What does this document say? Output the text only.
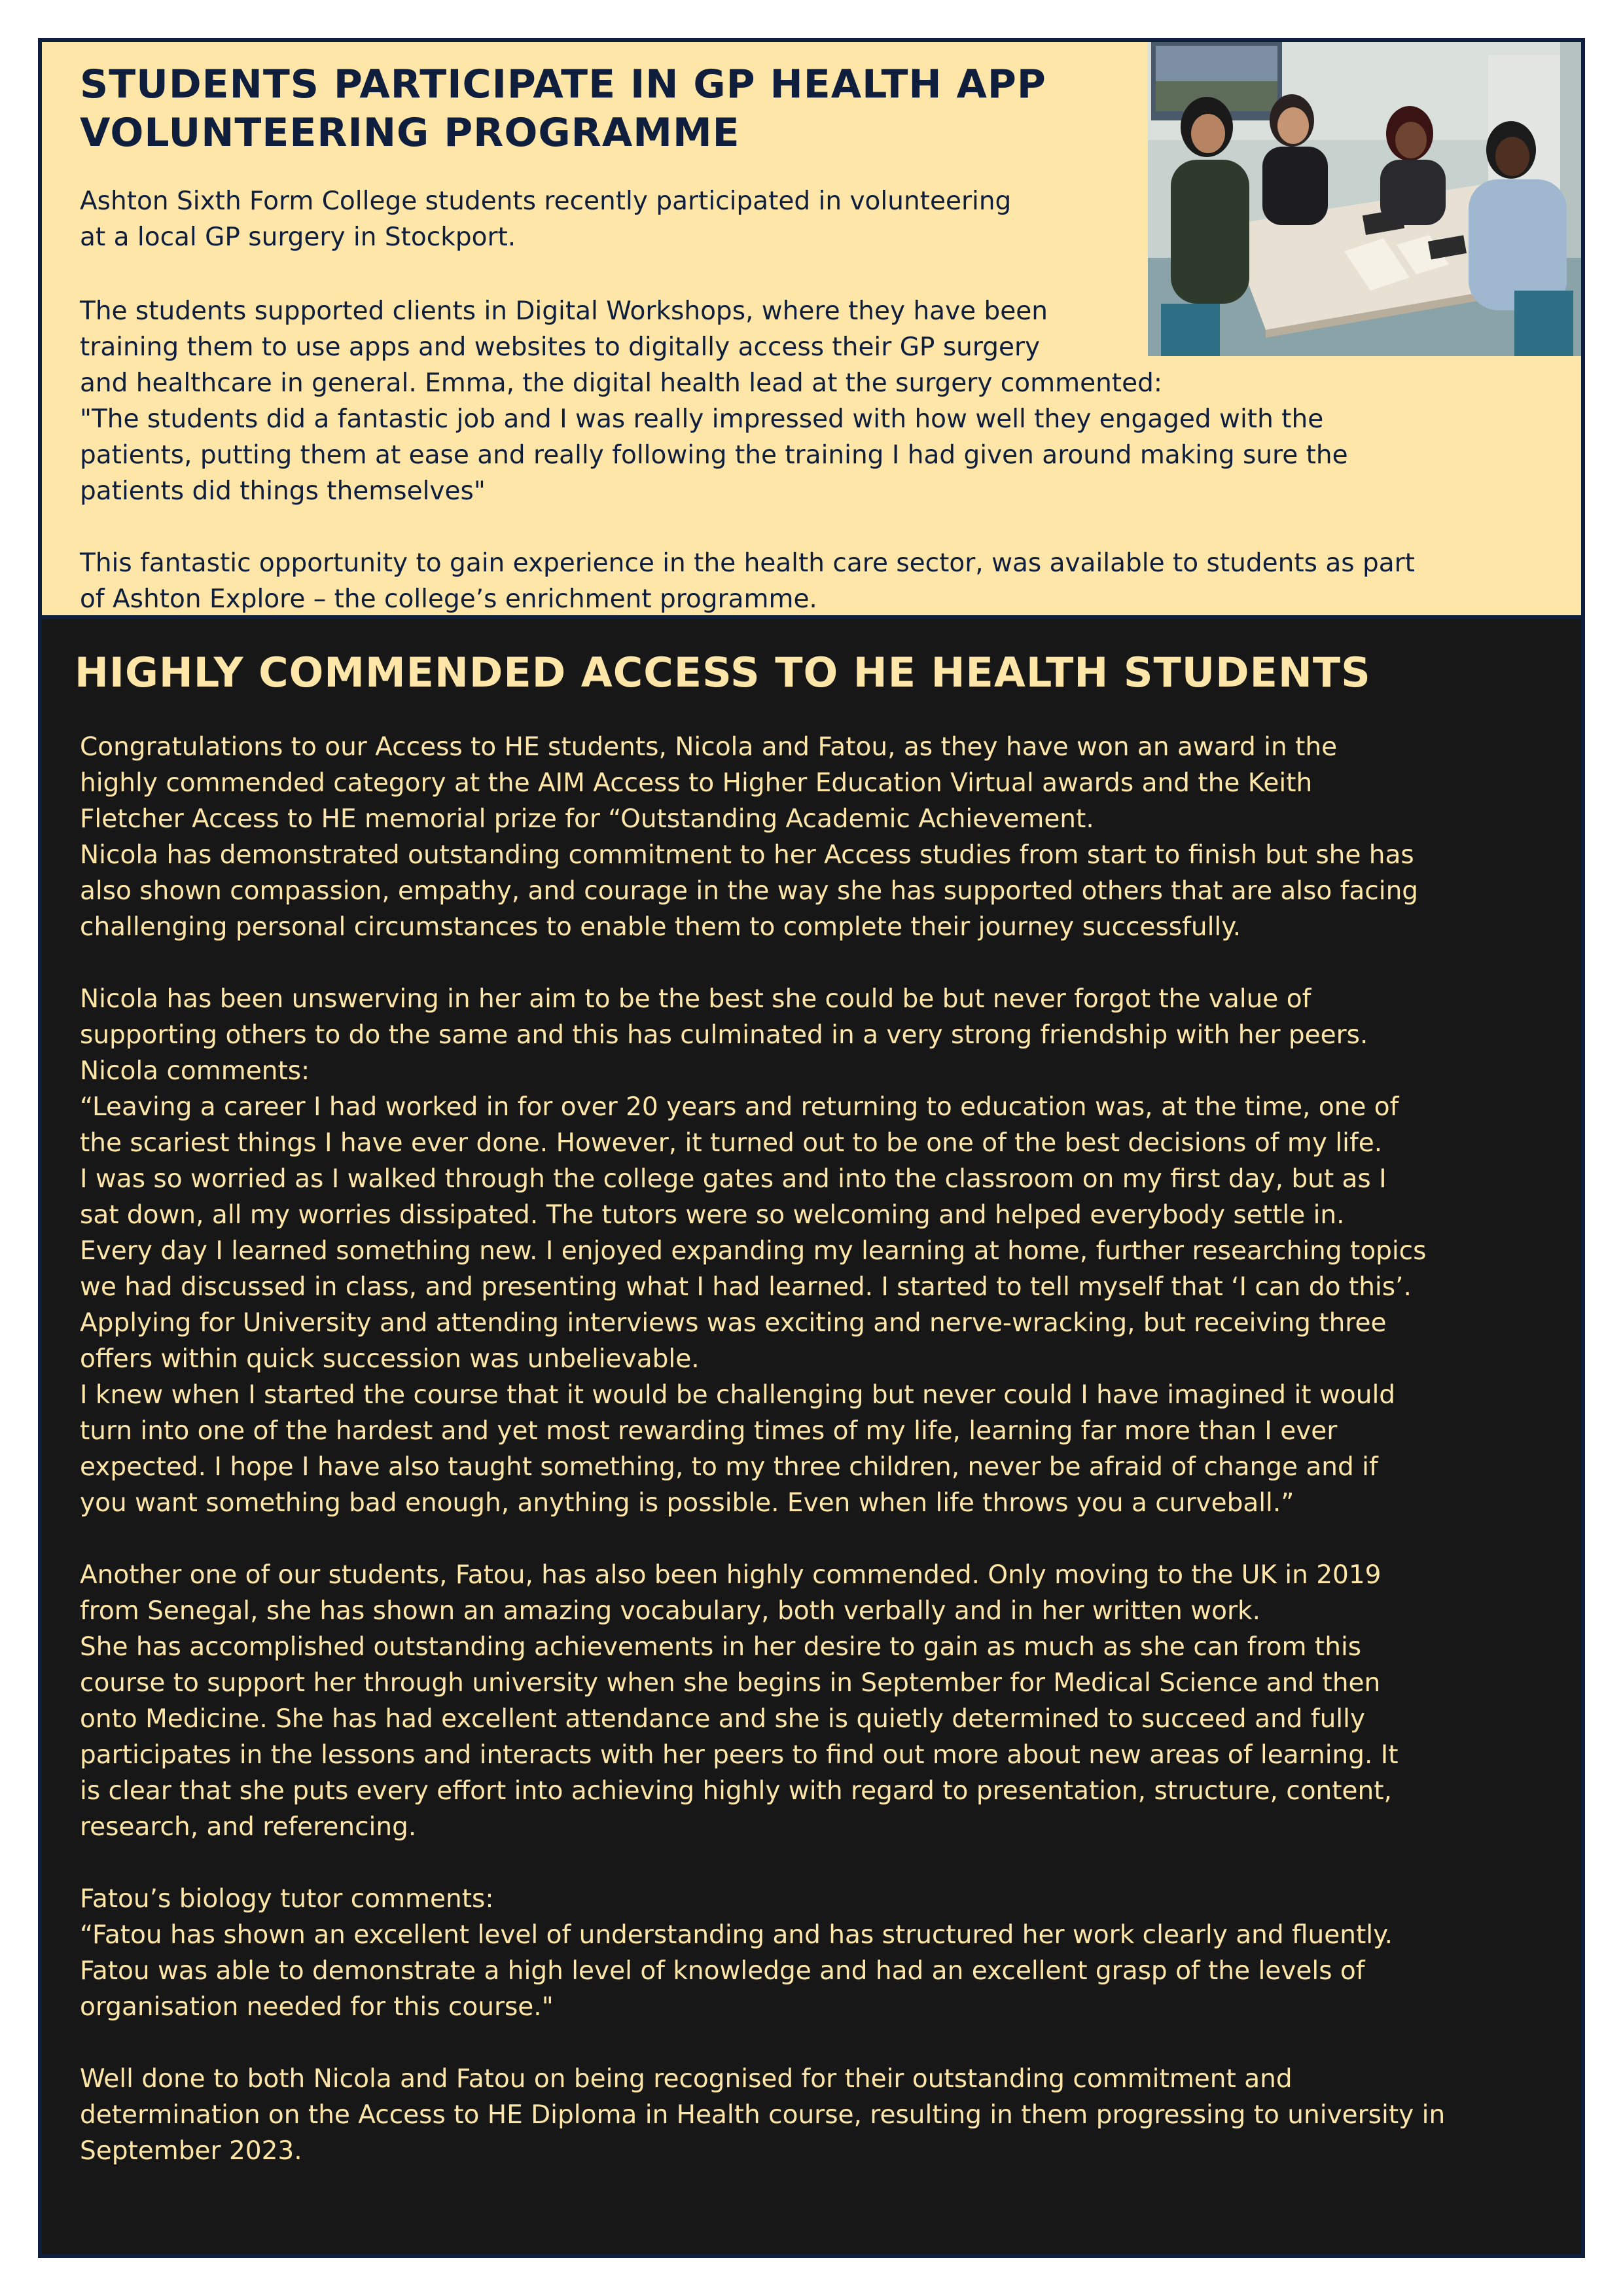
STUDENTS PARTICIPATE IN GP HEALTH APP
VOLUNTEERING PROGRAMME

Ashton Sixth Form College students recently participated in volunteering
at a local GP surgery in Stockport.

The students supported clients in Digital Workshops, where they have been
training them to use apps and websites to digitally access their GP surgery
and healthcare in general. Emma, the digital health lead at the surgery commented:
"The students did a fantastic job and I was really impressed with how well they engaged with the
patients, putting them at ease and really following the training I had given around making sure the
patients did things themselves"
This fantastic opportunity to gain experience in the health care sector, was available to students as part
of Ashton Explore – the college’s enrichment programme.
HIGHLY COMMENDED ACCESS TO HE HEALTH STUDENTS
Congratulations to our Access to HE students, Nicola and Fatou, as they have won an award in the
highly commended category at the AIM Access to Higher Education Virtual awards and the Keith
Fletcher Access to HE memorial prize for “Outstanding Academic Achievement.
Nicola has demonstrated outstanding commitment to her Access studies from start to finish but she has
also shown compassion, empathy, and courage in the way she has supported others that are also facing
challenging personal circumstances to enable them to complete their journey successfully.
Nicola has been unswerving in her aim to be the best she could be but never forgot the value of
supporting others to do the same and this has culminated in a very strong friendship with her peers.
Nicola comments:
“Leaving a career I had worked in for over 20 years and returning to education was, at the time, one of
the scariest things I have ever done. However, it turned out to be one of the best decisions of my life.
I was so worried as I walked through the college gates and into the classroom on my first day, but as I
sat down, all my worries dissipated. The tutors were so welcoming and helped everybody settle in.
Every day I learned something new. I enjoyed expanding my learning at home, further researching topics
we had discussed in class, and presenting what I had learned. I started to tell myself that ‘I can do this’.
Applying for University and attending interviews was exciting and nerve-wracking, but receiving three
offers within quick succession was unbelievable.
I knew when I started the course that it would be challenging but never could I have imagined it would
turn into one of the hardest and yet most rewarding times of my life, learning far more than I ever
expected. I hope I have also taught something, to my three children, never be afraid of change and if
you want something bad enough, anything is possible. Even when life throws you a curveball.”
Another one of our students, Fatou, has also been highly commended. Only moving to the UK in 2019
from Senegal, she has shown an amazing vocabulary, both verbally and in her written work.
She has accomplished outstanding achievements in her desire to gain as much as she can from this
course to support her through university when she begins in September for Medical Science and then
onto Medicine. She has had excellent attendance and she is quietly determined to succeed and fully
participates in the lessons and interacts with her peers to find out more about new areas of learning. It
is clear that she puts every effort into achieving highly with regard to presentation, structure, content,
research, and referencing.
Fatou’s biology tutor comments:
“Fatou has shown an excellent level of understanding and has structured her work clearly and fluently.
Fatou was able to demonstrate a high level of knowledge and had an excellent grasp of the levels of
organisation needed for this course."
Well done to both Nicola and Fatou on being recognised for their outstanding commitment and
determination on the Access to HE Diploma in Health course, resulting in them progressing to university in
September 2023.
